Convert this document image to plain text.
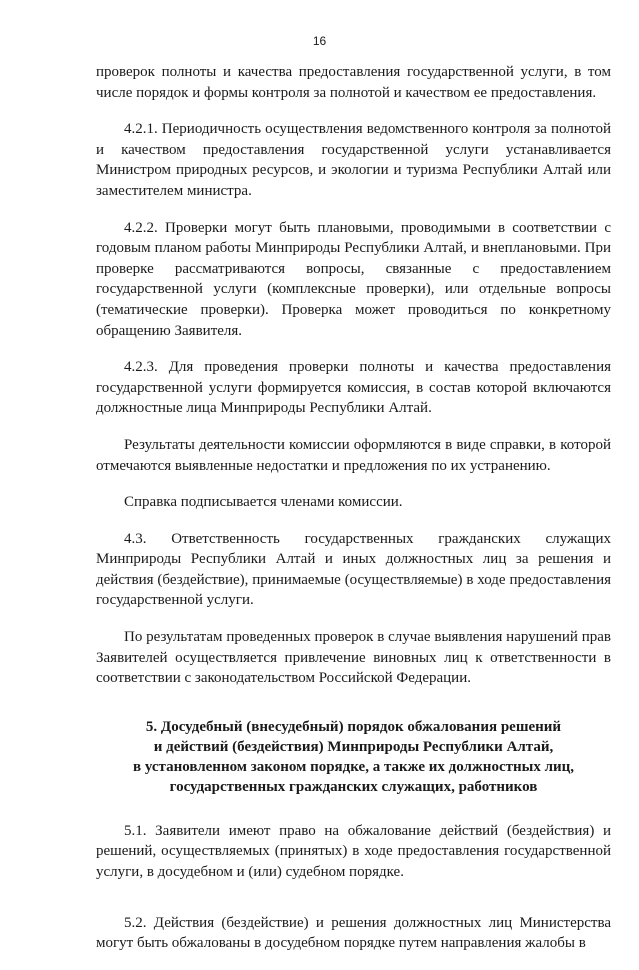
16

проверок полноты и качества предоставления государственной услуги, в том числе порядок и формы контроля за полнотой и качеством ее предоставления.

4.2.1. Периодичность осуществления ведомственного контроля за полнотой и качеством предоставления государственной услуги устанавливается Министром природных ресурсов, и экологии и туризма Республики Алтай или заместителем министра.

4.2.2. Проверки могут быть плановыми, проводимыми в соответствии с годовым планом работы Минприроды Республики Алтай, и внеплановыми. При проверке рассматриваются вопросы, связанные с предоставлением государственной услуги (комплексные проверки), или отдельные вопросы (тематические проверки). Проверка может проводиться по конкретному обращению Заявителя.

4.2.3. Для проведения проверки полноты и качества предоставления государственной услуги формируется комиссия, в состав которой включаются должностные лица Минприроды Республики Алтай.

Результаты деятельности комиссии оформляются в виде справки, в которой отмечаются выявленные недостатки и предложения по их устранению.

Справка подписывается членами комиссии.

4.3. Ответственность государственных гражданских служащих Минприроды Республики Алтай и иных должностных лиц за решения и действия (бездействие), принимаемые (осуществляемые) в ходе предоставления государственной услуги.

По результатам проведенных проверок в случае выявления нарушений прав Заявителей осуществляется привлечение виновных лиц к ответственности в соответствии с законодательством Российской Федерации.

5. Досудебный (внесудебный) порядок обжалования решений
и действий (бездействия) Минприроды Республики Алтай,
в установленном законом порядке, а также их должностных лиц,
государственных гражданских служащих, работников

5.1. Заявители имеют право на обжалование действий (бездействия) и решений, осуществляемых (принятых) в ходе предоставления государственной услуги, в досудебном и (или) судебном порядке.

5.2. Действия (бездействие) и решения должностных лиц Министерства могут быть обжалованы в досудебном порядке путем направления жалобы в
